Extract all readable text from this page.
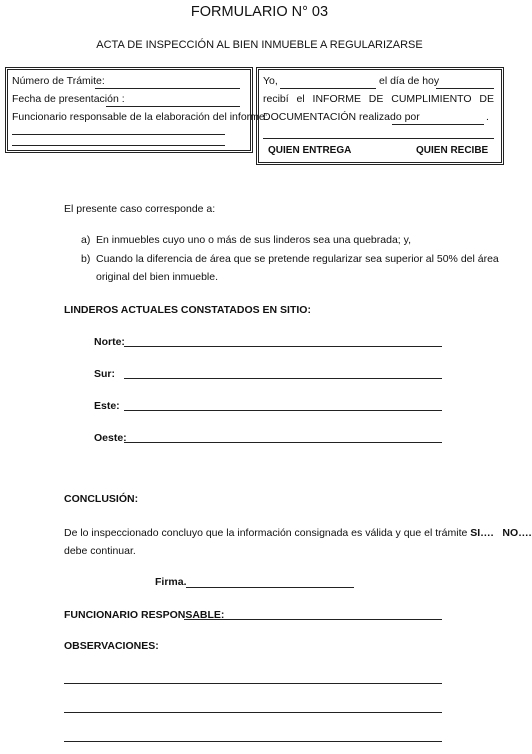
FORMULARIO N° 03
ACTA DE INSPECCIÓN AL BIEN INMUEBLE A REGULARIZARSE
Número de Trámite:
Fecha de presentación :
Funcionario responsable de la elaboración del informe:
Yo,	el día de hoy
recibí el INFORME DE CUMPLIMIENTO DE
DOCUMENTACIÓN realizado por	.
QUIEN ENTREGA	QUIEN RECIBE
El presente caso corresponde a:
a) En inmuebles cuyo uno o más de sus linderos sea una quebrada; y,
b) Cuando la diferencia de área que se pretende regularizar sea superior al 50% del área
original del bien inmueble.
LINDEROS ACTUALES CONSTATADOS EN SITIO:
Norte:
Sur:
Este:
Oeste:
CONCLUSIÓN:
De lo inspeccionado concluyo que la información consignada es válida y que el trámite SI…. NO….
debe continuar.
Firma.
FUNCIONARIO RESPONSABLE:
OBSERVACIONES:
